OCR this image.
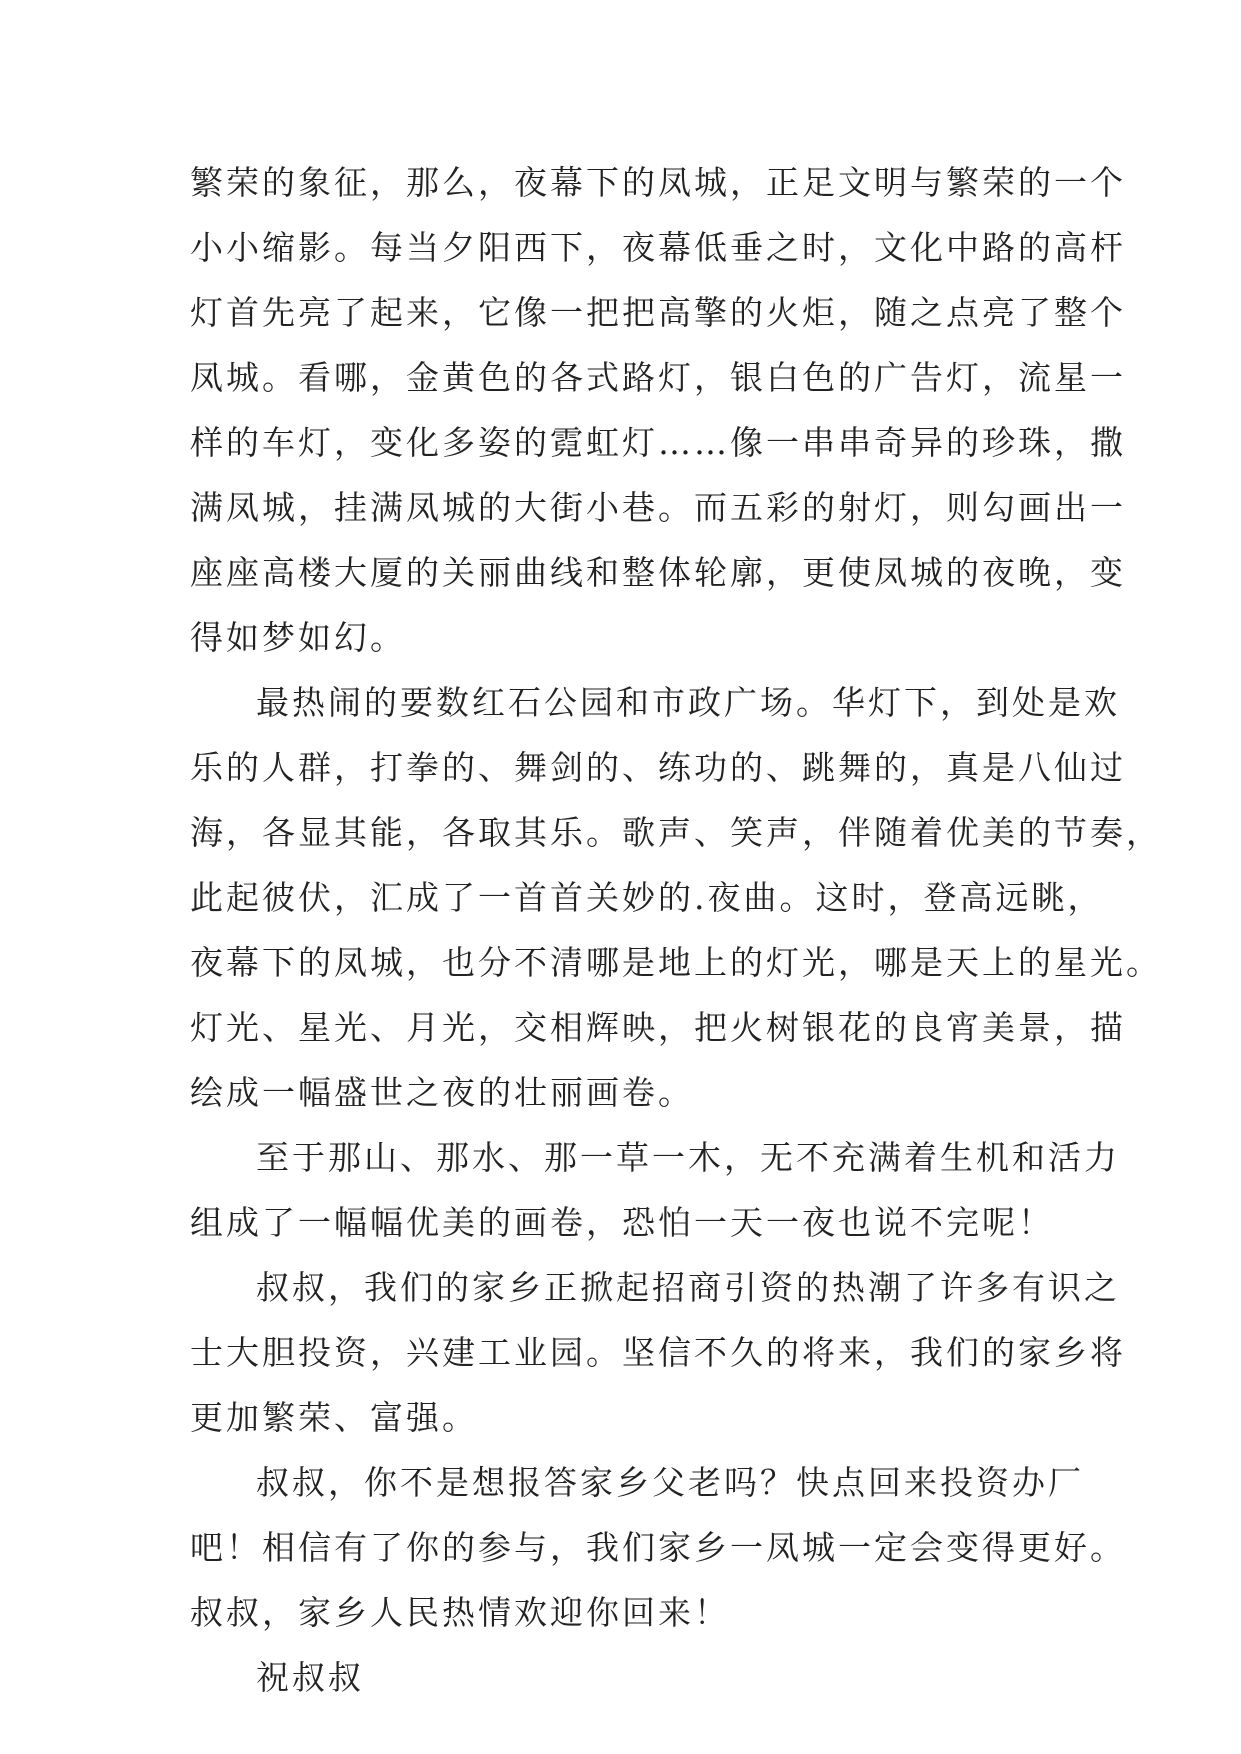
繁荣的象征，那么，夜幕下的凤城，正足文明与繁荣的一个
小小缩影。每当夕阳西下，夜幕低垂之时，文化中路的高杆
灯首先亮了起来，它像一把把高擎的火炬，随之点亮了整个
凤城。看哪，金黄色的各式路灯，银白色的广告灯，流星一
样的车灯，变化多姿的霓虹灯……像一串串奇异的珍珠，撒
满凤城，挂满凤城的大街小巷。而五彩的射灯，则勾画出一
座座高楼大厦的关丽曲线和整体轮廓，更使凤城的夜晚，变
得如梦如幻。
最热闹的要数红石公园和市政广场。华灯下，到处是欢
乐的人群，打拳的、舞剑的、练功的、跳舞的，真是八仙过
海，各显其能，各取其乐。歌声、笑声，伴随着优美的节奏，
此起彼伏，汇成了一首首关妙的.夜曲。这时，登高远眺，
夜幕下的凤城，也分不清哪是地上的灯光，哪是天上的星光。
灯光、星光、月光，交相辉映，把火树银花的良宵美景，描
绘成一幅盛世之夜的壮丽画卷。
至于那山、那水、那一草一木，无不充满着生机和活力
组成了一幅幅优美的画卷，恐怕一天一夜也说不完呢！
叔叔，我们的家乡正掀起招商引资的热潮了许多有识之
士大胆投资，兴建工业园。坚信不久的将来，我们的家乡将
更加繁荣、富强。
叔叔，你不是想报答家乡父老吗？快点回来投资办厂
吧！相信有了你的参与，我们家乡一凤城一定会变得更好。
叔叔，家乡人民热情欢迎你回来！
祝叔叔
